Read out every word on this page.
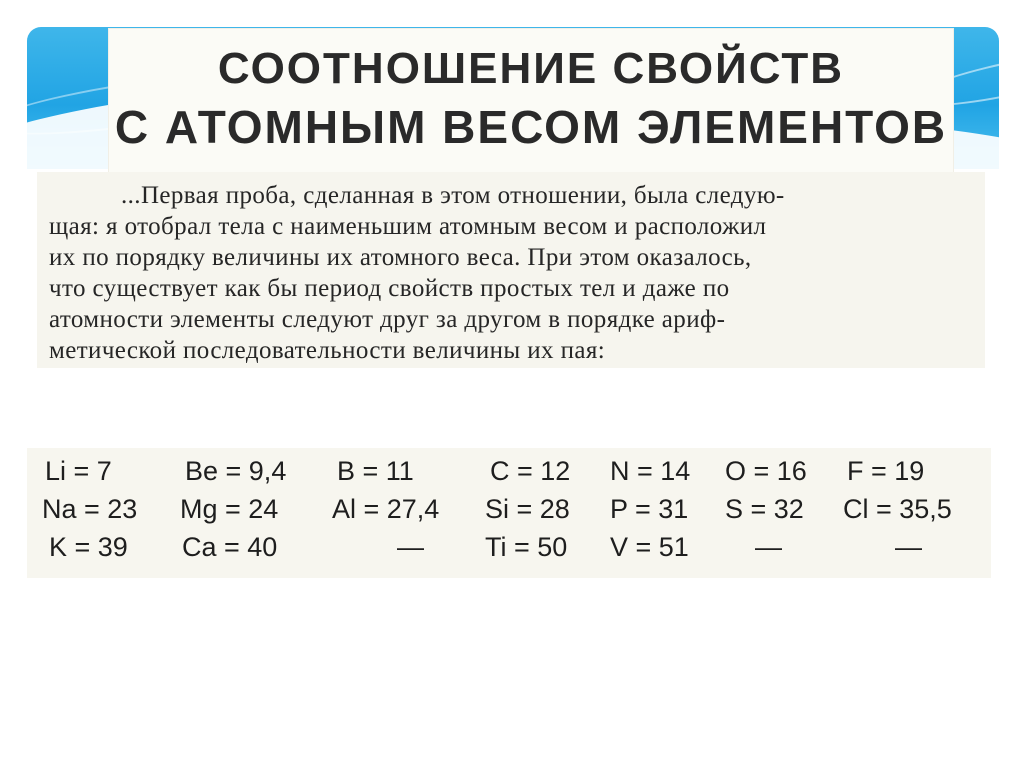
СООТНОШЕНИЕ СВОЙСТВ
С АТОМНЫМ ВЕСОМ ЭЛЕМЕНТОВ
...Первая проба, сделанная в этом отношении, была следую-
щая: я отобрал тела с наименьшим атомным весом и расположил
их по порядку величины их атомного веса. При этом оказалось,
что существует как бы период свойств простых тел и даже по
атомности элементы следуют друг за другом в порядке ариф-
метической последовательности величины их пая:
Li = 7	Be = 9,4 B = 11	C = 12 N = 14 O = 16 F = 19
Na = 23 Mg = 24 Al = 27,4 Si = 28 P = 31 S = 32 Cl = 35,5
K = 39 Ca = 40	— Ti = 50 V = 51 —	—
